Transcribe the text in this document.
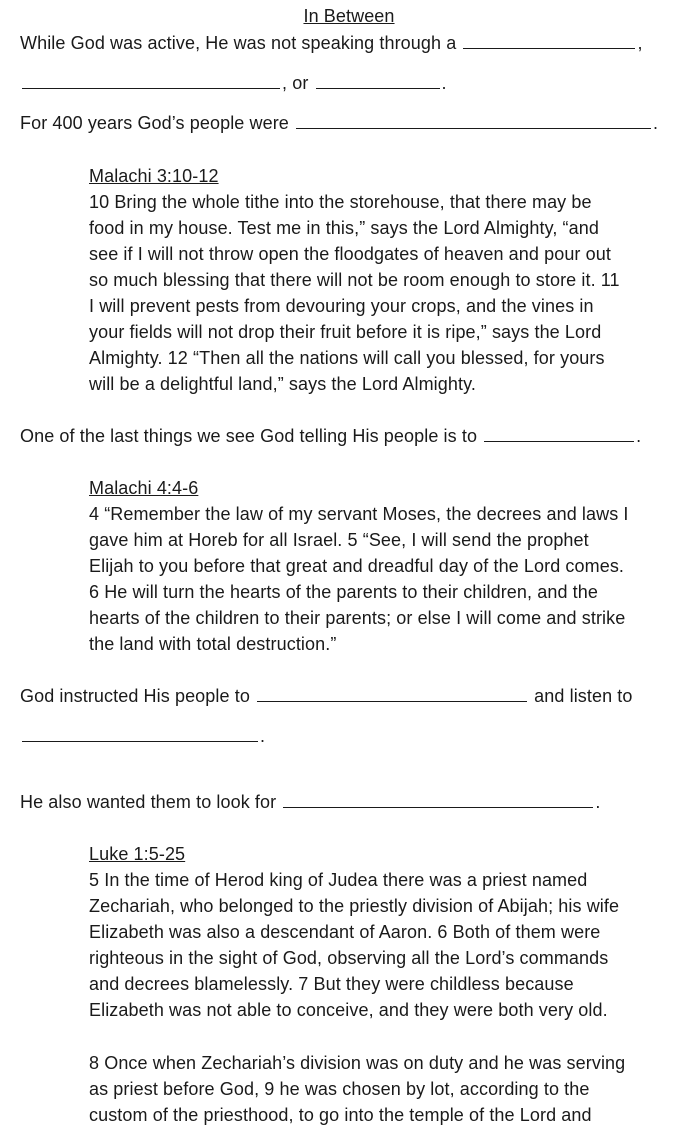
In Between
While God was active, He was not speaking through a	,
, or	.
For 400 years God’s people were	.
Malachi 3:10-12
10 Bring the whole tithe into the storehouse, that there may be
food in my house. Test me in this,” says the Lord Almighty, “and
see if I will not throw open the floodgates of heaven and pour out
so much blessing that there will not be room enough to store it. 11
I will prevent pests from devouring your crops, and the vines in
your fields will not drop their fruit before it is ripe,” says the Lord
Almighty. 12 “Then all the nations will call you blessed, for yours
will be a delightful land,” says the Lord Almighty.
One of the last things we see God telling His people is to	.
Malachi 4:4-6
4 “Remember the law of my servant Moses, the decrees and laws I
gave him at Horeb for all Israel. 5 “See, I will send the prophet
Elijah to you before that great and dreadful day of the Lord comes.
6 He will turn the hearts of the parents to their children, and the
hearts of the children to their parents; or else I will come and strike
the land with total destruction.”
God instructed His people to	and listen to
.
He also wanted them to look for	.
Luke 1:5-25
5 In the time of Herod king of Judea there was a priest named
Zechariah, who belonged to the priestly division of Abijah; his wife
Elizabeth was also a descendant of Aaron. 6 Both of them were
righteous in the sight of God, observing all the Lord’s commands
and decrees blamelessly. 7 But they were childless because
Elizabeth was not able to conceive, and they were both very old.
8 Once when Zechariah’s division was on duty and he was serving
as priest before God, 9 he was chosen by lot, according to the
custom of the priesthood, to go into the temple of the Lord and
